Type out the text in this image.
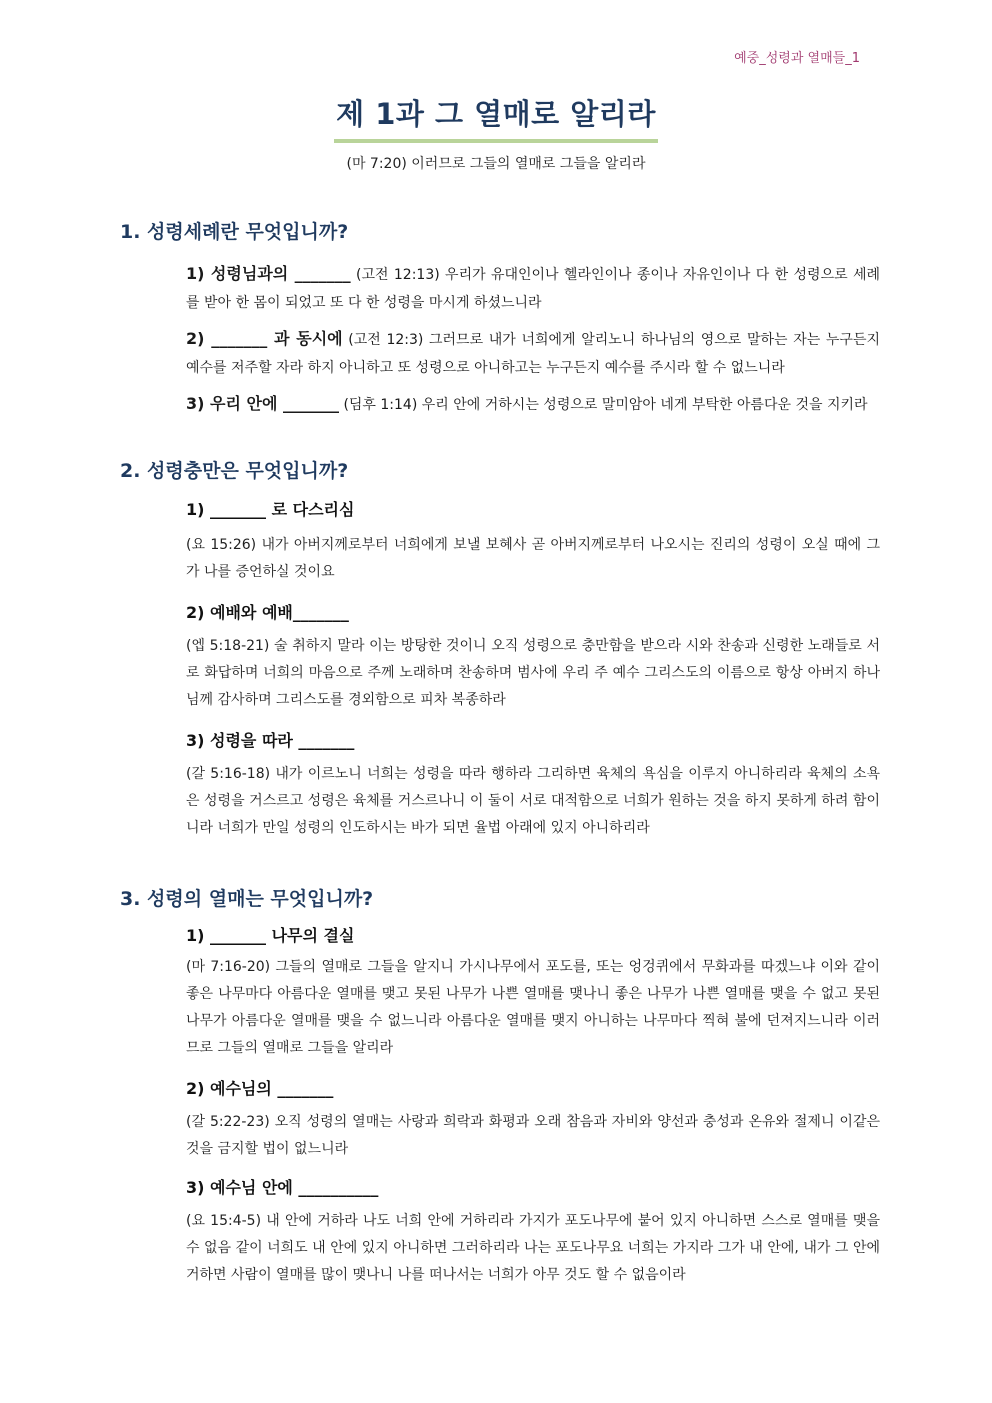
예중_성령과 열매들_1
제 1과 그 열매로 알리라
(마 7:20) 이러므로 그들의 열매로 그들을 알리라
1. 성령세례란 무엇입니까?

1) 성령님과의 _______ (고전 12:13) 우리가 유대인이나 헬라인이나 종이나 자유인이나 다 한 성령으로 세례를 받아 한 몸이 되었고 또 다 한 성령을 마시게 하셨느니라

2) _______ 과 동시에 (고전 12:3) 그러므로 내가 너희에게 알리노니 하나님의 영으로 말하는 자는 누구든지 예수를 저주할 자라 하지 아니하고 또 성령으로 아니하고는 누구든지 예수를 주시라 할 수 없느니라

3) 우리 안에 _______ (딤후 1:14) 우리 안에 거하시는 성령으로 말미암아 네게 부탁한 아름다운 것을 지키라

2. 성령충만은 무엇입니까?
1) _______ 로 다스리심

(요 15:26) 내가 아버지께로부터 너희에게 보낼 보혜사 곧 아버지께로부터 나오시는 진리의 성령이 오실 때에 그가 나를 증언하실 것이요

2) 예배와 예배_______

(엡 5:18-21) 술 취하지 말라 이는 방탕한 것이니 오직 성령으로 충만함을 받으라 시와 찬송과 신령한 노래들로 서로 화답하며 너희의 마음으로 주께 노래하며 찬송하며 범사에 우리 주 예수 그리스도의 이름으로 항상 아버지 하나님께 감사하며 그리스도를 경외함으로 피차 복종하라

3) 성령을 따라 _______

(갈 5:16-18) 내가 이르노니 너희는 성령을 따라 행하라 그리하면 육체의 욕심을 이루지 아니하리라 육체의 소욕은 성령을 거스르고 성령은 육체를 거스르나니 이 둘이 서로 대적함으로 너희가 원하는 것을 하지 못하게 하려 함이니라 너희가 만일 성령의 인도하시는 바가 되면 율법 아래에 있지 아니하리라

3. 성령의 열매는 무엇입니까?
1) _______ 나무의 결실

(마 7:16-20) 그들의 열매로 그들을 알지니 가시나무에서 포도를, 또는 엉겅퀴에서 무화과를 따겠느냐 이와 같이 좋은 나무마다 아름다운 열매를 맺고 못된 나무가 나쁜 열매를 맺나니 좋은 나무가 나쁜 열매를 맺을 수 없고 못된 나무가 아름다운 열매를 맺을 수 없느니라 아름다운 열매를 맺지 아니하는 나무마다 찍혀 불에 던져지느니라 이러므로 그들의 열매로 그들을 알리라

2) 예수님의 _______

(갈 5:22-23) 오직 성령의 열매는 사랑과 희락과 화평과 오래 참음과 자비와 양선과 충성과 온유와 절제니 이같은 것을 금지할 법이 없느니라

3) 예수님 안에 __________

(요 15:4-5) 내 안에 거하라 나도 너희 안에 거하리라 가지가 포도나무에 붙어 있지 아니하면 스스로 열매를 맺을 수 없음 같이 너희도 내 안에 있지 아니하면 그러하리라 나는 포도나무요 너희는 가지라 그가 내 안에, 내가 그 안에 거하면 사람이 열매를 많이 맺나니 나를 떠나서는 너희가 아무 것도 할 수 없음이라
